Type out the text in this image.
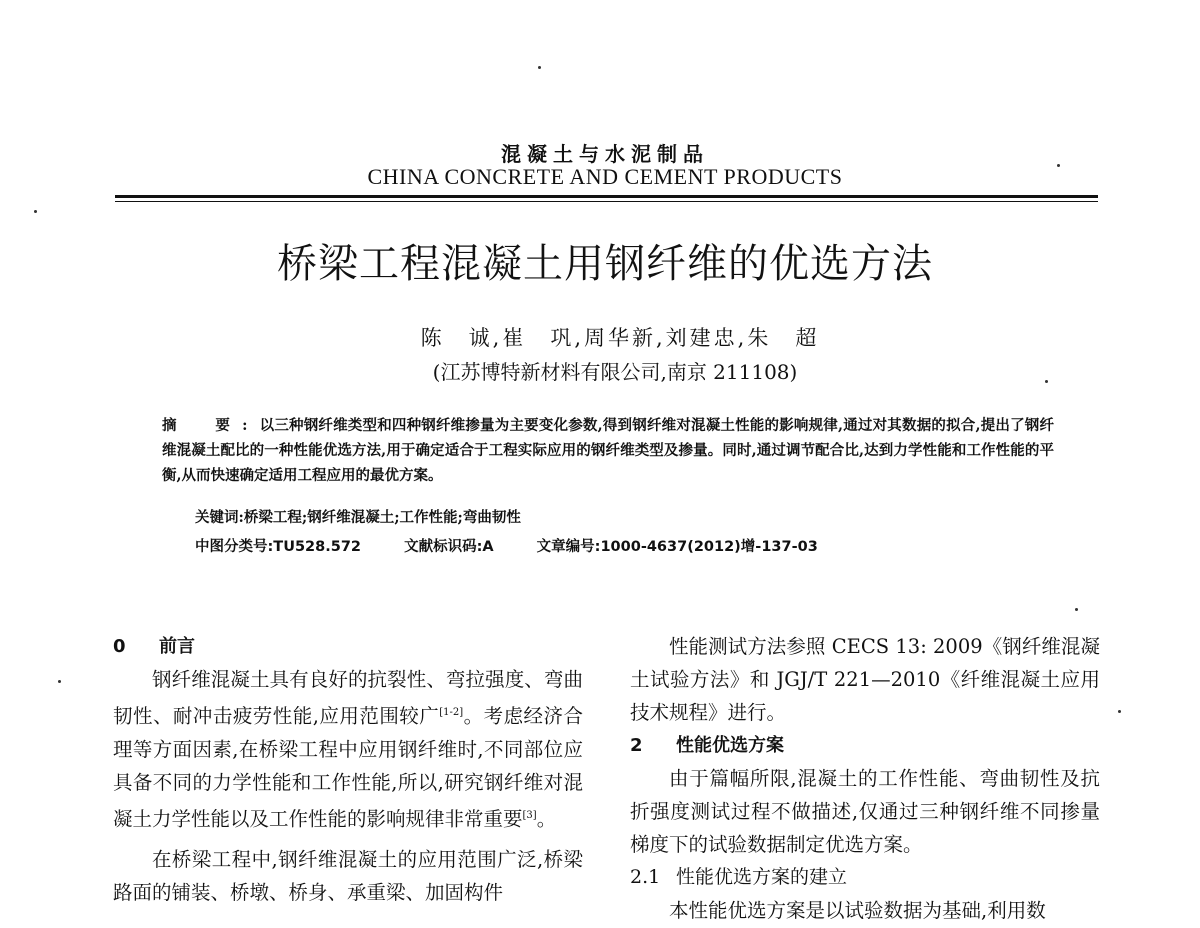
混凝土与水泥制品
CHINA CONCRETE AND CEMENT PRODUCTS
桥梁工程混凝土用钢纤维的优选方法
陈　诚,崔　巩,周华新,刘建忠,朱　超
(江苏博特新材料有限公司,南京 211108)
摘　要:以三种钢纤维类型和四种钢纤维掺量为主要变化参数,得到钢纤维对混凝土性能的影响规律,通过对其数据的拟合,提出了钢纤维混凝土配比的一种性能优选方法,用于确定适合于工程实际应用的钢纤维类型及掺量。同时,通过调节配合比,达到力学性能和工作性能的平衡,从而快速确定适用工程应用的最优方案。
关键词:桥梁工程;钢纤维混凝土;工作性能;弯曲韧性
中图分类号:TU528.572	文献标识码:A	文章编号:1000-4637(2012)增-137-03

0 前言

钢纤维混凝土具有良好的抗裂性、弯拉强度、弯曲韧性、耐冲击疲劳性能,应用范围较广[1-2]。考虑经济合理等方面因素,在桥梁工程中应用钢纤维时,不同部位应具备不同的力学性能和工作性能,所以,研究钢纤维对混凝土力学性能以及工作性能的影响规律非常重要[3]。

在桥梁工程中,钢纤维混凝土的应用范围广泛,桥梁路面的铺装、桥墩、桥身、承重梁、加固构件

性能测试方法参照 CECS 13: 2009《钢纤维混凝土试验方法》和 JGJ/T 221—2010《纤维混凝土应用技术规程》进行。

2 性能优选方案

由于篇幅所限,混凝土的工作性能、弯曲韧性及抗折强度测试过程不做描述,仅通过三种钢纤维不同掺量梯度下的试验数据制定优选方案。

2.1 性能优选方案的建立

本性能优选方案是以试验数据为基础,利用数
